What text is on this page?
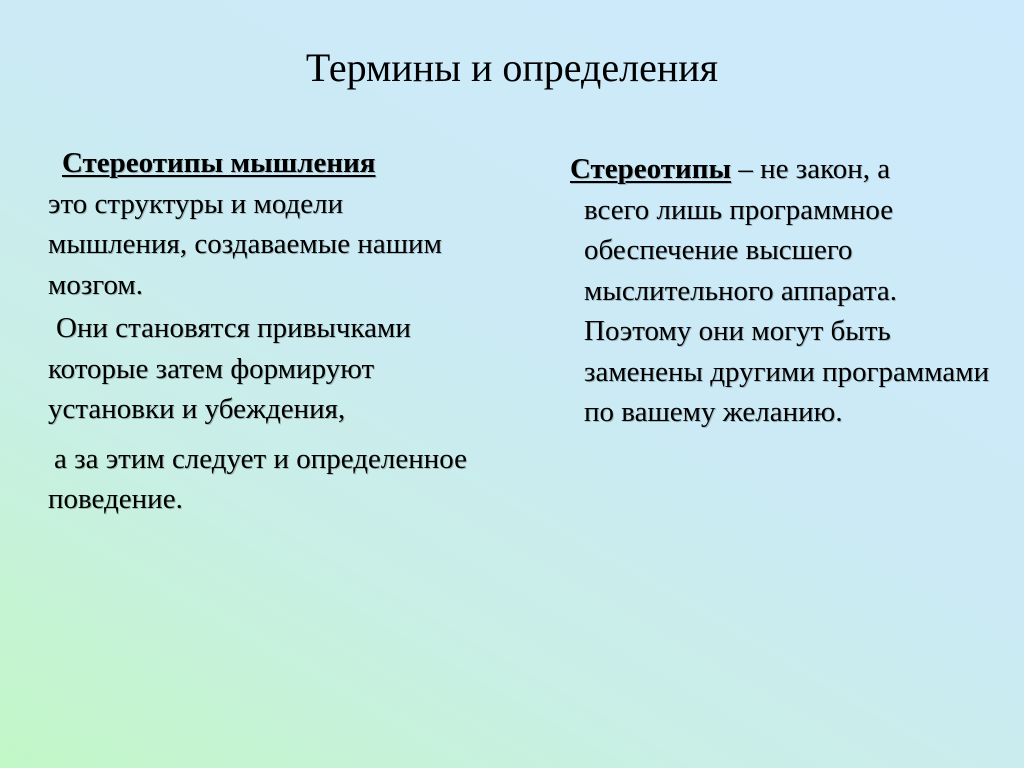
Термины и определения

Стереотипы мышления
это структуры и модели мышления, создаваемые нашим мозгом.

Они становятся привычками которые затем формируют установки и убеждения,

а за этим следует и определенное поведение.

Стереотипы – не закон, а
всего лишь программное обеспечение высшего мыслительного аппарата. Поэтому они могут быть заменены другими программами по вашему желанию.
